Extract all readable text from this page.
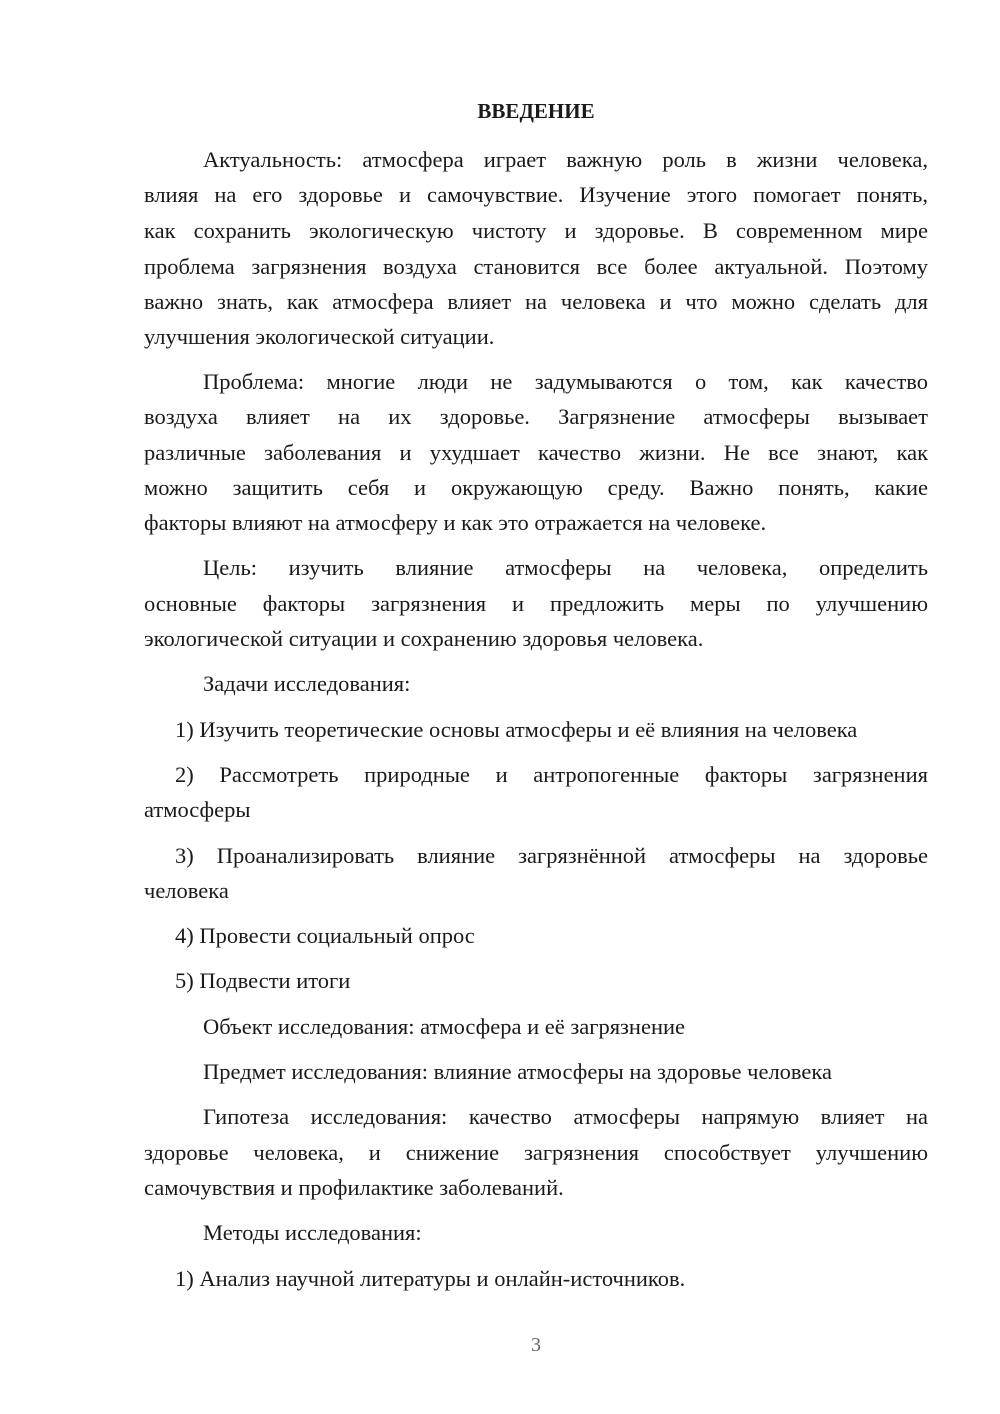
ВВЕДЕНИЕ
Актуальность: атмосфера играет важную роль в жизни человека,
влияя на его здоровье и самочувствие. Изучение этого помогает понять,
как сохранить экологическую чистоту и здоровье. В современном мире
проблема загрязнения воздуха становится все более актуальной. Поэтому
важно знать, как атмосфера влияет на человека и что можно сделать для
улучшения экологической ситуации.
Проблема: многие люди не задумываются о том, как качество
воздуха влияет на их здоровье. Загрязнение атмосферы вызывает
различные заболевания и ухудшает качество жизни. Не все знают, как
можно защитить себя и окружающую среду. Важно понять, какие
факторы влияют на атмосферу и как это отражается на человеке.
Цель: изучить влияние атмосферы на человека, определить
основные факторы загрязнения и предложить меры по улучшению
экологической ситуации и сохранению здоровья человека.
Задачи исследования:
1) Изучить теоретические основы атмосферы и её влияния на человека
2) Рассмотреть природные и антропогенные факторы загрязнения
атмосферы
3) Проанализировать влияние загрязнённой атмосферы на здоровье
человека
4) Провести социальный опрос
5) Подвести итоги
Объект исследования: атмосфера и её загрязнение
Предмет исследования: влияние атмосферы на здоровье человека
Гипотеза исследования: качество атмосферы напрямую влияет на
здоровье человека, и снижение загрязнения способствует улучшению
самочувствия и профилактике заболеваний.
Методы исследования:
1) Анализ научной литературы и онлайн-источников.
3
